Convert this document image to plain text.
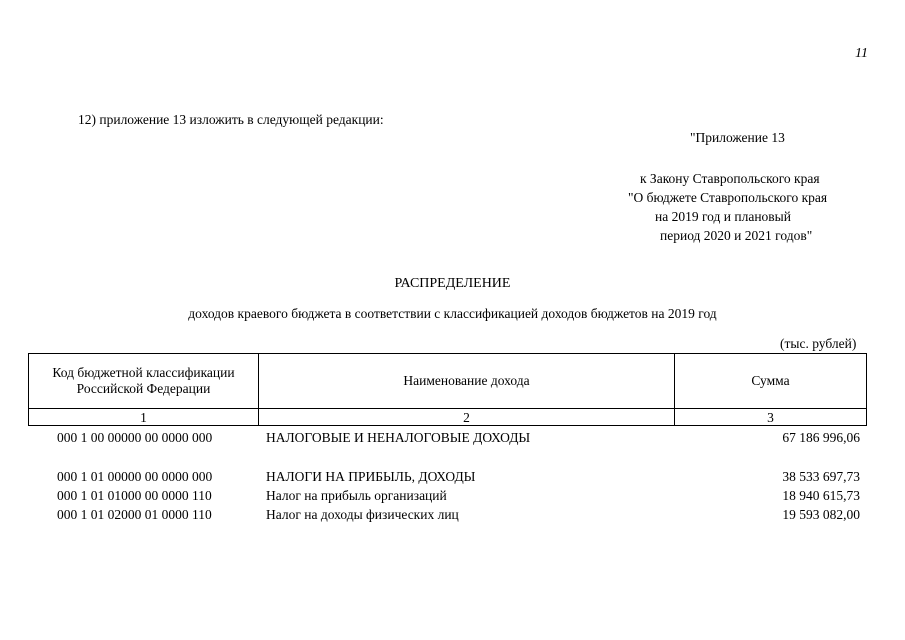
11
12) приложение 13 изложить в следующей редакции:
"Приложение 13
к Закону Ставропольского края
"О бюджете Ставропольского края
на 2019 год и плановый
период 2020 и 2021 годов"
РАСПРЕДЕЛЕНИЕ
доходов краевого бюджета в соответствии с классификацией доходов бюджетов на 2019 год
(тыс. рублей)
Код бюджетной классификации Российской Федерации	Наименование дохода	Сумма
1	2	3
000 1 00 00000 00 0000 000	НАЛОГОВЫЕ И НЕНАЛОГОВЫЕ ДОХОДЫ	67 186 996,06
000 1 01 00000 00 0000 000	НАЛОГИ НА ПРИБЫЛЬ, ДОХОДЫ	38 533 697,73
000 1 01 01000 00 0000 110	Налог на прибыль организаций	18 940 615,73
000 1 01 02000 01 0000 110	Налог на доходы физических лиц	19 593 082,00
